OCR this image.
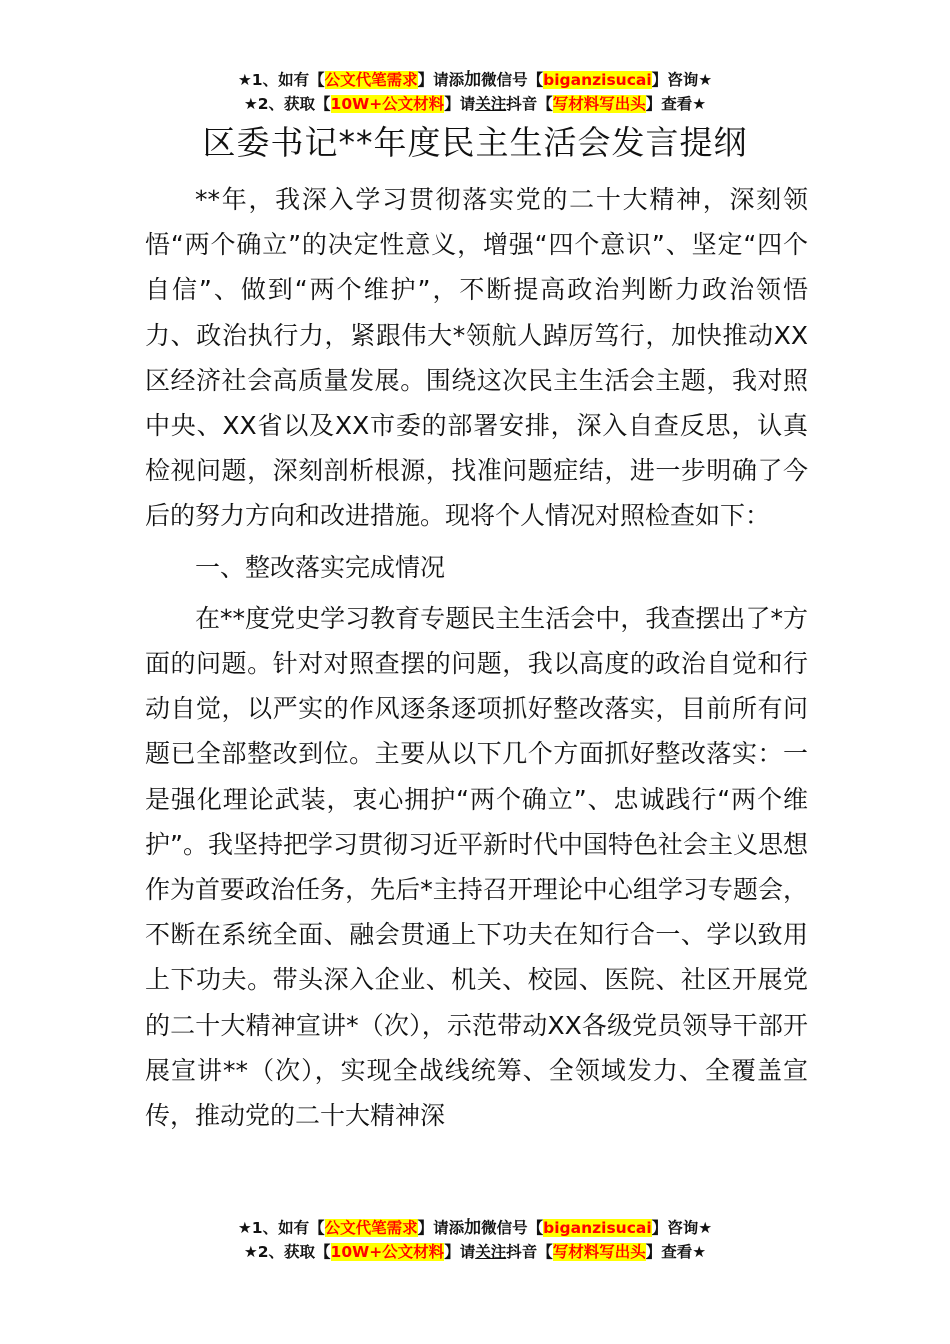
★1、如有【公文代笔需求】请添加微信号【biganzisucai】咨询★
★2、获取【10W+公文材料】请关注抖音【写材料写出头】查看★
区委书记**年度民主生活会发言提纲

**年，我深入学习贯彻落实党的二十大精神，深刻领悟“两个确立”的决定性意义，增强“四个意识”、坚定“四个自信”、做到“两个维护”，不断提高政治判断力政治领悟力、政治执行力，紧跟伟大*领航人踔厉笃行，加快推动XX区经济社会高质量发展。围绕这次民主生活会主题，我对照中央、XX省以及XX市委的部署安排，深入自查反思，认真检视问题，深刻剖析根源，找准问题症结，进一步明确了今后的努力方向和改进措施。现将个人情况对照检查如下：

一、整改落实完成情况

在**度党史学习教育专题民主生活会中，我查摆出了*方面的问题。针对对照查摆的问题，我以高度的政治自觉和行动自觉，以严实的作风逐条逐项抓好整改落实，目前所有问题已全部整改到位。主要从以下几个方面抓好整改落实：一是强化理论武装，衷心拥护“两个确立”、忠诚践行“两个维护”。我坚持把学习贯彻习近平新时代中国特色社会主义思想作为首要政治任务，先后*主持召开理论中心组学习专题会，不断在系统全面、融会贯通上下功夫在知行合一、学以致用上下功夫。带头深入企业、机关、校园、医院、社区开展党的二十大精神宣讲*（次），示范带动XX各级党员领导干部开展宣讲**（次），实现全战线统筹、全领域发力、全覆盖宣传，推动党的二十大精神深

★1、如有【公文代笔需求】请添加微信号【biganzisucai】咨询★
★2、获取【10W+公文材料】请关注抖音【写材料写出头】查看★
